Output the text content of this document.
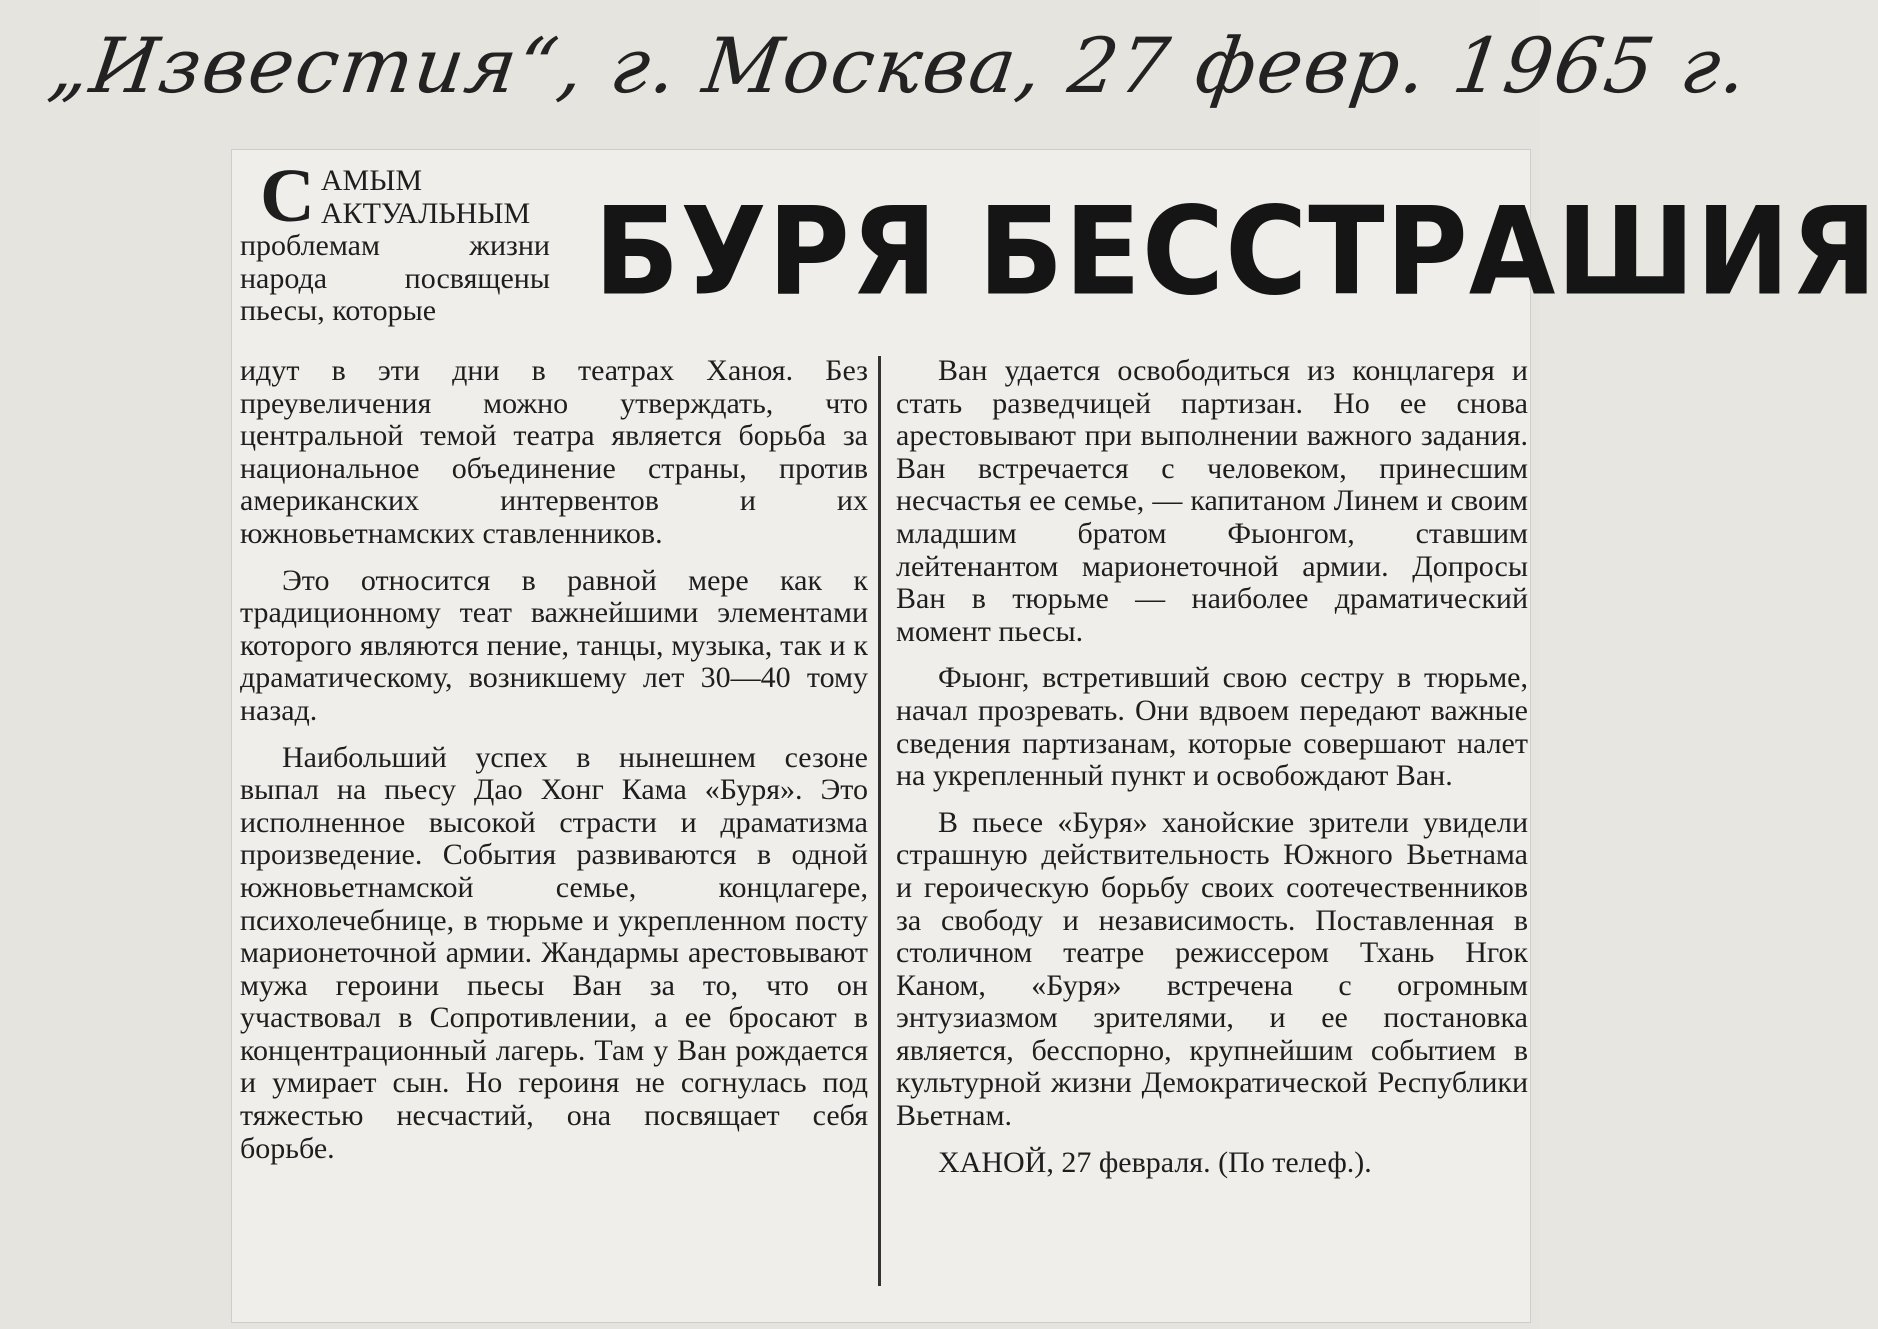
„Известия“, г. Москва, 27 февр. 1965 г.
БУРЯ БЕССТРАШИЯ
САМЫМ АКТУАЛЬНЫМ проблемам жизни народа посвящены пьесы, которые

идут в эти дни в театрах Ханоя. Без преувеличения можно утверждать, что центральной темой театра является борьба за национальное объединение страны, против американских интервентов и их южновьетнамских ставленников.

Это относится в равной мере как к традиционному теат важнейшими элементами которого являются пение, танцы, музыка, так и к драматическому, возникшему лет 30—40 тому назад.

Наибольший успех в нынешнем сезоне выпал на пьесу Дао Хонг Кама «Буря». Это исполненное высокой страсти и драматизма произведение. События развиваются в одной южновьетнамской семье, концлагере, психолечебнице, в тюрьме и укрепленном посту марионеточной армии. Жандармы арестовывают мужа героини пьесы Ван за то, что он участвовал в Сопротивлении, а ее бросают в концентрационный лагерь. Там у Ван рождается и умирает сын. Но героиня не согнулась под тяжестью несчастий, она посвящает себя борьбе.

Ван удается освободиться из концлагеря и стать разведчицей партизан. Но ее снова арестовывают при выполнении важного задания. Ван встречается с человеком, принесшим несчастья ее семье, — капитаном Линем и своим младшим братом Фыонгом, ставшим лейтенантом марионеточной армии. Допросы Ван в тюрьме — наиболее драматический момент пьесы.

Фыонг, встретивший свою сестру в тюрьме, начал прозревать. Они вдвоем передают важные сведения партизанам, которые совершают налет на укрепленный пункт и освобождают Ван.

В пьесе «Буря» ханойские зрители увидели страшную действительность Южного Вьетнама и героическую борьбу своих соотечественников за свободу и независимость. Поставленная в столичном театре режиссером Тхань Нгок Каном, «Буря» встречена с огромным энтузиазмом зрителями, и ее постановка является, бесспорно, крупнейшим событием в культурной жизни Демократической Республики Вьетнам.

ХАНОЙ, 27 февраля. (По телеф.).
